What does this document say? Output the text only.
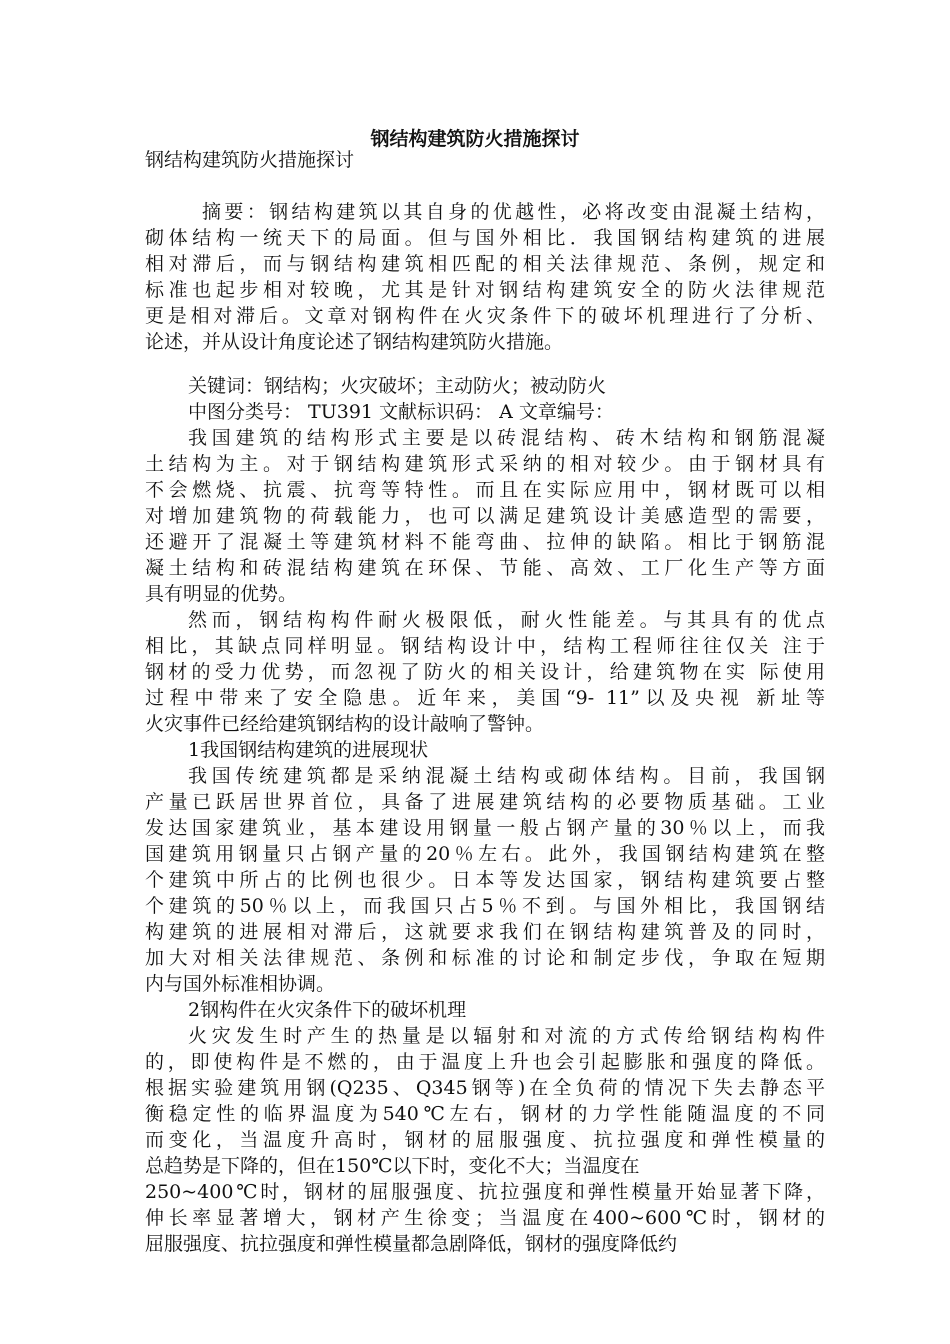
钢结构建筑防火措施探讨
钢结构建筑防火措施探讨
摘要：钢结构建筑以其自身的优越性，必将改变由混凝土结构，
砌体结构一统天下的局面。但与国外相比．我国钢结构建筑的进展
相对滞后，而与钢结构建筑相匹配的相关法律规范、条例，规定和
标准也起步相对较晚，尤其是针对钢结构建筑安全的防火法律规范
更是相对滞后。文章对钢构件在火灾条件下的破坏机理进行了分析、
论述，并从设计角度论述了钢结构建筑防火措施。
关键词：钢结构；火灾破坏；主动防火；被动防火
中图分类号： TU391 文献标识码： A 文章编号：
我国建筑的结构形式主要是以砖混结构、砖木结构和钢筋混凝
土结构为主。对于钢结构建筑形式采纳的相对较少。由于钢材具有
不会燃烧、抗震、抗弯等特性。而且在实际应用中，钢材既可以相
对增加建筑物的荷载能力，也可以满足建筑设计美感造型的需要，
还避开了混凝土等建筑材料不能弯曲、拉伸的缺陷。相比于钢筋混
凝土结构和砖混结构建筑在环保、节能、高效、工厂化生产等方面
具有明显的优势。
然而，钢结构构件耐火极限低，耐火性能差。与其具有的优点
相比，其缺点同样明显。钢结构设计中，结构工程师往往仅关 注于
钢材的受力优势，而忽视了防火的相关设计，给建筑物在实 际使用
过程中带来了安全隐患。近年来，美国“9- 11”以及央视 新址等
火灾事件已经给建筑钢结构的设计敲响了警钟。
1我国钢结构建筑的进展现状
我国传统建筑都是采纳混凝土结构或砌体结构。目前，我国钢
产量已跃居世界首位，具备了进展建筑结构的必要物质基础。工业
发达国家建筑业，基本建设用钢量一般占钢产量的30％以上，而我
国建筑用钢量只占钢产量的20％左右。此外，我国钢结构建筑在整
个建筑中所占的比例也很少。日本等发达国家，钢结构建筑要占整
个建筑的50％以上，而我国只占5％不到。与国外相比，我国钢结
构建筑的进展相对滞后，这就要求我们在钢结构建筑普及的同时，
加大对相关法律规范、条例和标准的讨论和制定步伐，争取在短期
内与国外标准相协调。
2钢构件在火灾条件下的破坏机理
火灾发生时产生的热量是以辐射和对流的方式传给钢结构构件
的，即使构件是不燃的，由于温度上升也会引起膨胀和强度的降低。
根据实验建筑用钢(Q235、Q345钢等)在全负荷的情况下失去静态平
衡稳定性的临界温度为540℃左右，钢材的力学性能随温度的不同
而变化，当温度升高时，钢材的屈服强度、抗拉强度和弹性模量的
总趋势是下降的，但在150℃以下时，变化不大；当温度在
250~400℃时，钢材的屈服强度、抗拉强度和弹性模量开始显著下降，
伸长率显著增大，钢材产生徐变；当温度在400~600℃时，钢材的
屈服强度、抗拉强度和弹性模量都急剧降低，钢材的强度降低约
